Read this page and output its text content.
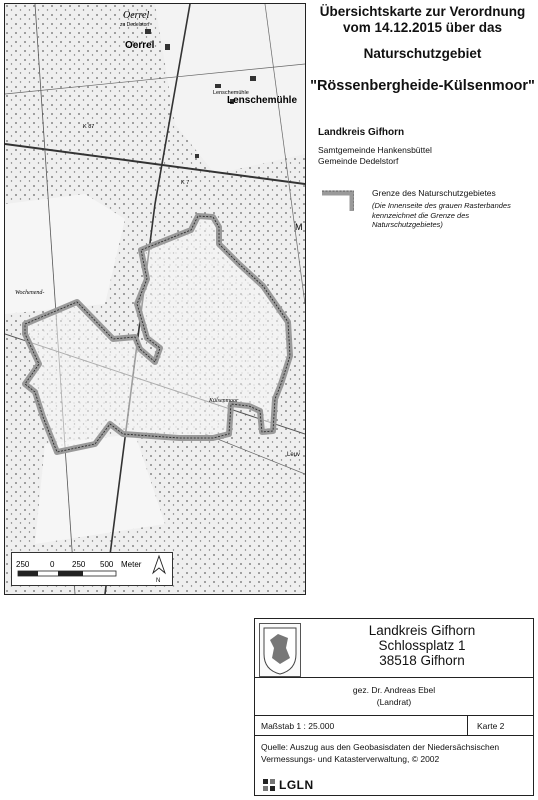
Oerrel
zu Dedelstorf
Oerrel
Lenschemühle
Lenschemühle
K 87
K 7
M
Wochenend-
Külsenmoor
Leuv
250	0 250 500 Meter
N
Übersichtskarte zur Verordnung
vom 14.12.2015 über das
Naturschutzgebiet
"Rössenbergheide-Külsenmoor"
Landkreis Gifhorn
Samtgemeinde Hankensbüttel
Gemeinde Dedelstorf
Grenze des Naturschutzgebietes
(Die Innenseite des grauen Rasterbandes kennzeichnet die Grenze des Naturschutzgebietes)
Landkreis Gifhorn
Schlossplatz 1
38518 Gifhorn
gez. Dr. Andreas Ebel
(Landrat)
Maßstab 1 : 25.000	Karte 2
Quelle: Auszug aus den Geobasisdaten der Niedersächsischen Vermessungs- und Katasterverwaltung, © 2002
LGLN
